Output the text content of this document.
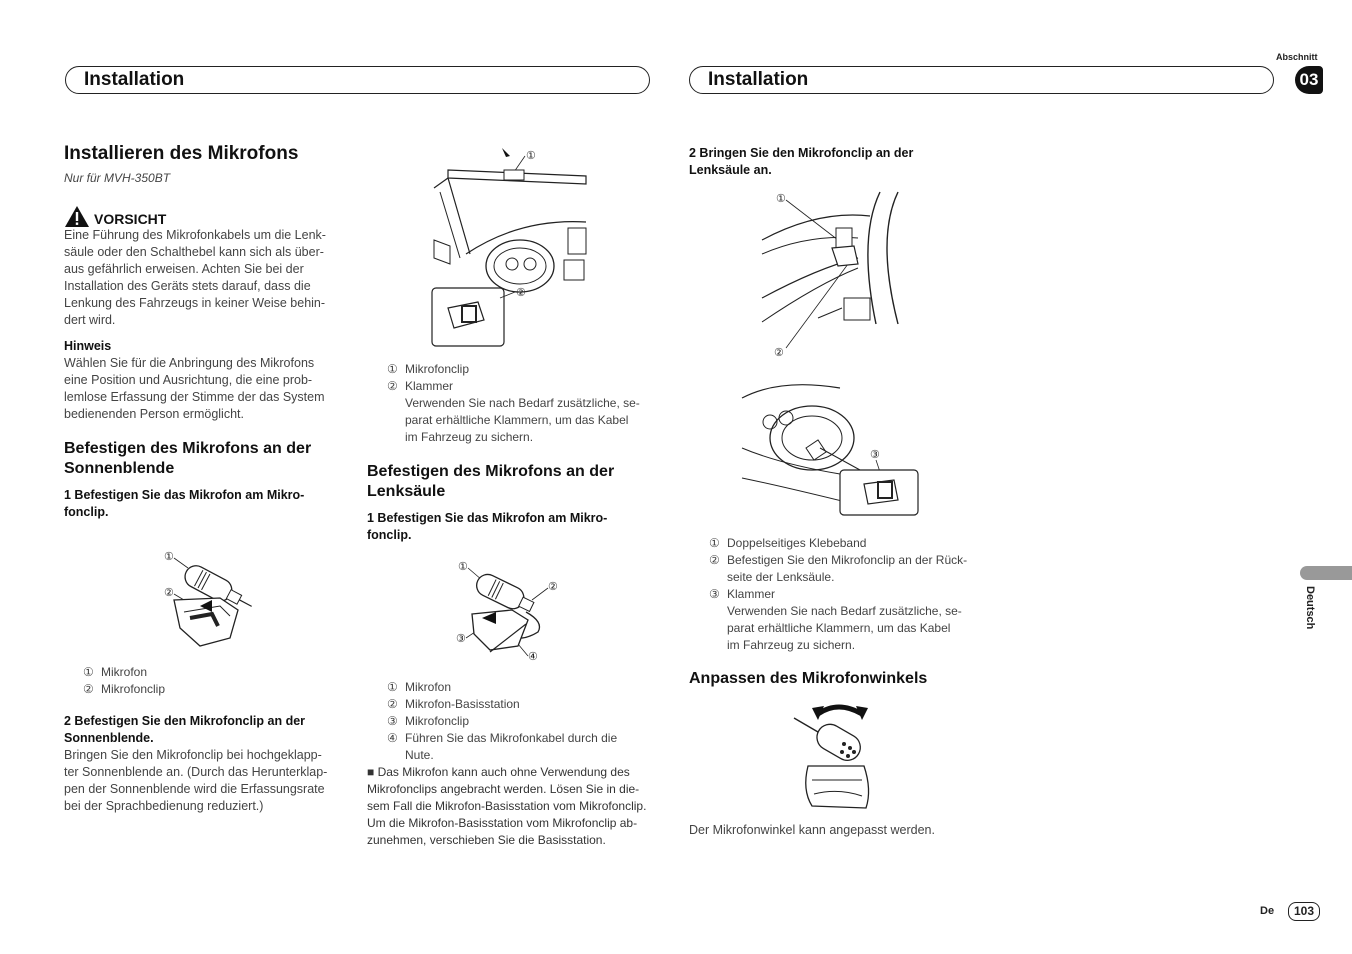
Abschnitt
03
Installation	Installation
Installieren des Mikrofons
Nur für MVH-350BT
VORSICHT
Eine Führung des Mikrofonkabels um die Lenk-
säule oder den Schalthebel kann sich als über-
aus gefährlich erweisen. Achten Sie bei der
Installation des Geräts stets darauf, dass die
Lenkung des Fahrzeugs in keiner Weise behin-
dert wird.
Hinweis
Wählen Sie für die Anbringung des Mikrofons
eine Position und Ausrichtung, die eine prob-
lemlose Erfassung der Stimme der das System
bedienenden Person ermöglicht.
Befestigen des Mikrofons an der
Sonnenblende
1 Befestigen Sie das Mikrofon am Mikro-
fonclip.
①
②
① Mikrofon
② Mikrofonclip
2 Befestigen Sie den Mikrofonclip an der
Sonnenblende.
Bringen Sie den Mikrofonclip bei hochgeklapp-
ter Sonnenblende an. (Durch das Herunterklap-
pen der Sonnenblende wird die Erfassungsrate
bei der Sprachbedienung reduziert.)
①
②
① Mikrofonclip
② Klammer
Verwenden Sie nach Bedarf zusätzliche, se-
parat erhältliche Klammern, um das Kabel
im Fahrzeug zu sichern.
Befestigen des Mikrofons an der
Lenksäule
1 Befestigen Sie das Mikrofon am Mikro-
fonclip.
①
②
③
④
① Mikrofon
② Mikrofon-Basisstation
③ Mikrofonclip
④ Führen Sie das Mikrofonkabel durch die
Nute.
■ Das Mikrofon kann auch ohne Verwendung des
Mikrofonclips angebracht werden. Lösen Sie in die-
sem Fall die Mikrofon-Basisstation vom Mikrofonclip.
Um die Mikrofon-Basisstation vom Mikrofonclip ab-
zunehmen, verschieben Sie die Basisstation.
2 Bringen Sie den Mikrofonclip an der
Lenksäule an.
①
②
③
① Doppelseitiges Klebeband
② Befestigen Sie den Mikrofonclip an der Rück-
seite der Lenksäule.
③ Klammer
Verwenden Sie nach Bedarf zusätzliche, se-
parat erhältliche Klammern, um das Kabel
im Fahrzeug zu sichern.
Anpassen des Mikrofonwinkels
Der Mikrofonwinkel kann angepasst werden.
Deutsch
De	103
